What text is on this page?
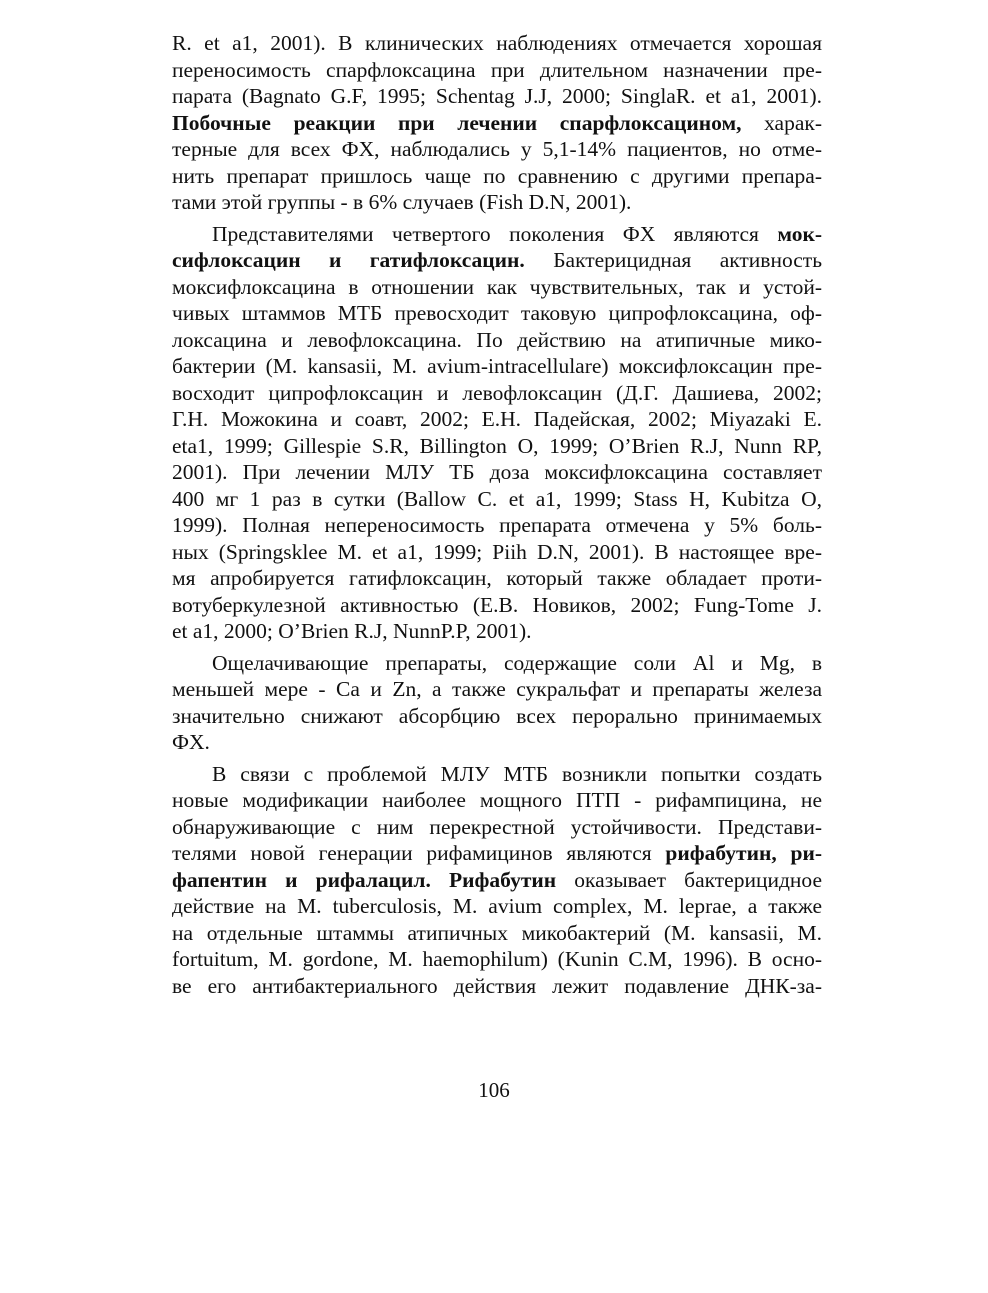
R. et a1, 2001). В клинических наблюдениях отмечается хорошая
переносимость спарфлоксацина при длительном назначении пре-
парата (Bagnato G.F, 1995; Schentag J.J, 2000; SinglaR. et a1, 2001).
Побочные реакции при лечении спарфлоксацином, харак-
терные для всех ФХ, наблюдались у 5,1-14% пациентов, но отме-
нить препарат пришлось чаще по сравнению с другими препара-
тами этой группы - в 6% случаев (Fish D.N, 2001).
Представителями четвертого поколения ФХ являются мок-
сифлоксацин и гатифлоксацин. Бактерицидная активность
моксифлоксацина в отношении как чувствительных, так и устой-
чивых штаммов МТБ превосходит таковую ципрофлоксацина, оф-
локсацина и левофлоксацина. По действию на атипичные мико-
бактерии (M. kansasii, M. avium-intracellulare) моксифлоксацин пре-
восходит ципрофлоксацин и левофлоксацин (Д.Г. Дашиева, 2002;
Г.Н. Можокина и соавт, 2002; Е.Н. Падейская, 2002; Miyazaki E.
eta1, 1999; Gillespie S.R, Billington O, 1999; O’Brien R.J, Nunn RP,
2001). При лечении МЛУ ТБ доза моксифлоксацина составляет
400 мг 1 раз в сутки (Ballow C. et a1, 1999; Stass H, Kubitza O,
1999). Полная непереносимость препарата отмечена у 5% боль-
ных (Springsklee M. et a1, 1999; Piih D.N, 2001). В настоящее вре-
мя апробируется гатифлоксацин, который также обладает проти-
вотуберкулезной активностью (Е.В. Новиков, 2002; Fung-Tome J.
et a1, 2000; O’Brien R.J, NunnP.P, 2001).
Ощелачивающие препараты, содержащие соли Al и Mg, в
меньшей мере - Ca и Zn, а также сукральфат и препараты железа
значительно снижают абсорбцию всех перорально принимаемых
ФХ.
В связи с проблемой МЛУ МТБ возникли попытки создать
новые модификации наиболее мощного ПТП - рифампицина, не
обнаруживающие с ним перекрестной устойчивости. Представи-
телями новой генерации рифамицинов являются рифабутин, ри-
фапентин и рифалацил. Рифабутин оказывает бактерицидное
действие на M. tuberculosis, M. avium complex, M. leprae, а также
на отдельные штаммы атипичных микобактерий (M. kansasii, M.
fortuitum, M. gordone, M. haemophilum) (Kunin C.M, 1996). В осно-
ве его антибактериального действия лежит подавление ДНК-за-
106
